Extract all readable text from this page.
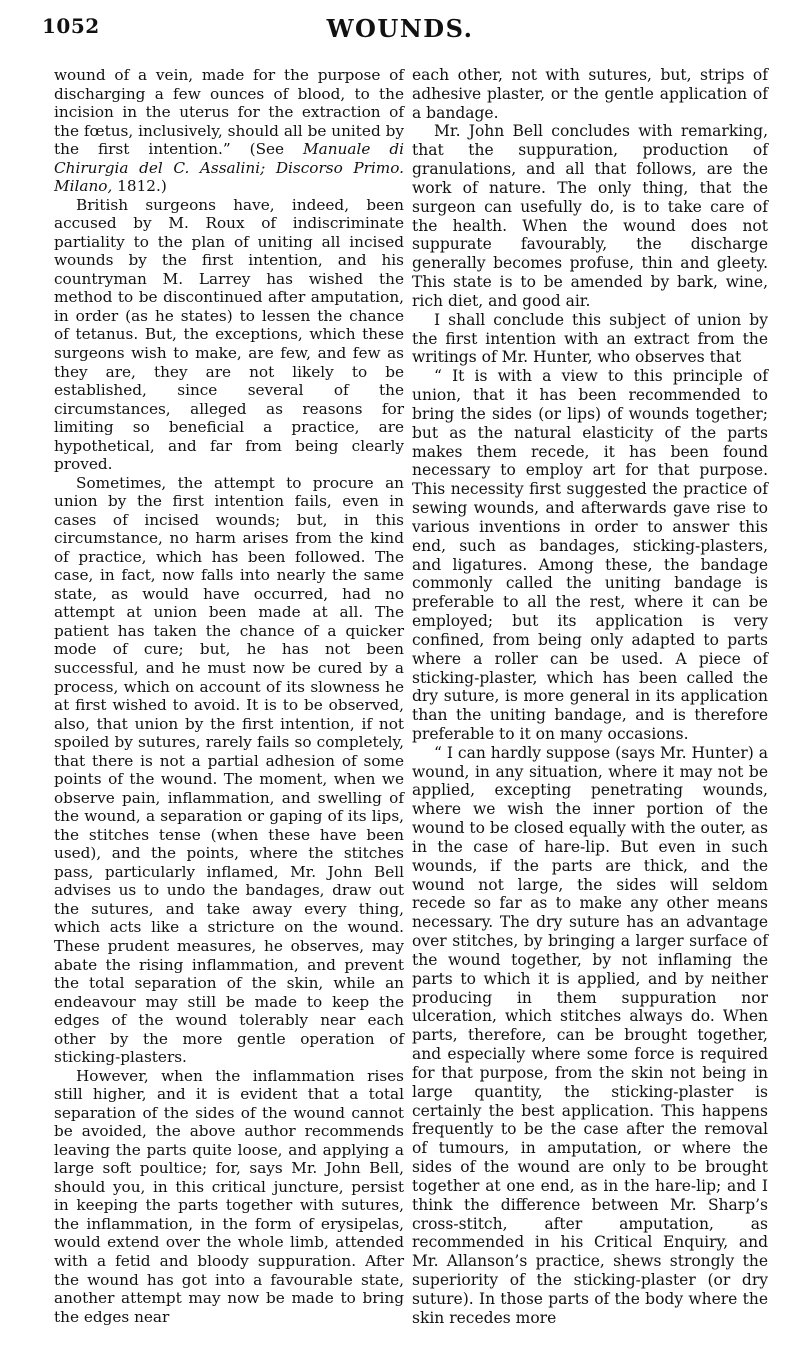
1052	WOUNDS.

wound of a vein, made for the purpose of discharging a few ounces of blood, to the incision in the uterus for the extraction of the fœtus, inclusively, should all be united by the first intention.” (See Manuale di Chirurgia del C. Assalini; Discorso Primo. Milano, 1812.)

British surgeons have, indeed, been accused by M. Roux of indiscriminate partiality to the plan of uniting all incised wounds by the first intention, and his countryman M. Larrey has wished the method to be discontinued after amputation, in order (as he states) to lessen the chance of tetanus. But, the exceptions, which these surgeons wish to make, are few, and few as they are, they are not likely to be established, since several of the circumstances, alleged as reasons for limiting so beneficial a practice, are hypothetical, and far from being clearly proved.

Sometimes, the attempt to procure an union by the first intention fails, even in cases of incised wounds; but, in this circumstance, no harm arises from the kind of practice, which has been followed. The case, in fact, now falls into nearly the same state, as would have occurred, had no attempt at union been made at all. The patient has taken the chance of a quicker mode of cure; but, he has not been successful, and he must now be cured by a process, which on account of its slowness he at first wished to avoid. It is to be observed, also, that union by the first intention, if not spoiled by sutures, rarely fails so completely, that there is not a partial adhesion of some points of the wound. The moment, when we observe pain, inflammation, and swelling of the wound, a separation or gaping of its lips, the stitches tense (when these have been used), and the points, where the stitches pass, particularly inflamed, Mr. John Bell advises us to undo the bandages, draw out the sutures, and take away every thing, which acts like a stricture on the wound. These prudent measures, he observes, may abate the rising inflammation, and prevent the total separation of the skin, while an endeavour may still be made to keep the edges of the wound tolerably near each other by the more gentle operation of sticking-plasters.

However, when the inflammation rises still higher, and it is evident that a total separation of the sides of the wound cannot be avoided, the above author recommends leaving the parts quite loose, and applying a large soft poultice; for, says Mr. John Bell, should you, in this critical juncture, persist in keeping the parts together with sutures, the inflammation, in the form of erysipelas, would extend over the whole limb, attended with a fetid and bloody suppuration. After the wound has got into a favourable state, another attempt may now be made to bring the edges near

each other, not with sutures, but, strips of adhesive plaster, or the gentle application of a bandage.

Mr. John Bell concludes with remarking, that the suppuration, production of granulations, and all that follows, are the work of nature. The only thing, that the surgeon can usefully do, is to take care of the health. When the wound does not suppurate favourably, the discharge generally becomes profuse, thin and gleety. This state is to be amended by bark, wine, rich diet, and good air.

I shall conclude this subject of union by the first intention with an extract from the writings of Mr. Hunter, who observes that

“ It is with a view to this principle of union, that it has been recommended to bring the sides (or lips) of wounds together; but as the natural elasticity of the parts makes them recede, it has been found necessary to employ art for that purpose. This necessity first suggested the practice of sewing wounds, and afterwards gave rise to various inventions in order to answer this end, such as bandages, sticking-plasters, and ligatures. Among these, the bandage commonly called the uniting bandage is preferable to all the rest, where it can be employed; but its application is very confined, from being only adapted to parts where a roller can be used. A piece of sticking-plaster, which has been called the dry suture, is more general in its application than the uniting bandage, and is therefore preferable to it on many occasions.

“ I can hardly suppose (says Mr. Hunter) a wound, in any situation, where it may not be applied, excepting penetrating wounds, where we wish the inner portion of the wound to be closed equally with the outer, as in the case of hare-lip. But even in such wounds, if the parts are thick, and the wound not large, the sides will seldom recede so far as to make any other means necessary. The dry suture has an advantage over stitches, by bringing a larger surface of the wound together, by not inflaming the parts to which it is applied, and by neither producing in them suppuration nor ulceration, which stitches always do. When parts, therefore, can be brought together, and especially where some force is required for that purpose, from the skin not being in large quantity, the sticking-plaster is certainly the best application. This happens frequently to be the case after the removal of tumours, in amputation, or where the sides of the wound are only to be brought together at one end, as in the hare-lip; and I think the difference between Mr. Sharp’s cross-stitch, after amputation, as recommended in his Critical Enquiry, and Mr. Allanson’s practice, shews strongly the superiority of the sticking-plaster (or dry suture). In those parts of the body where the skin recedes more
